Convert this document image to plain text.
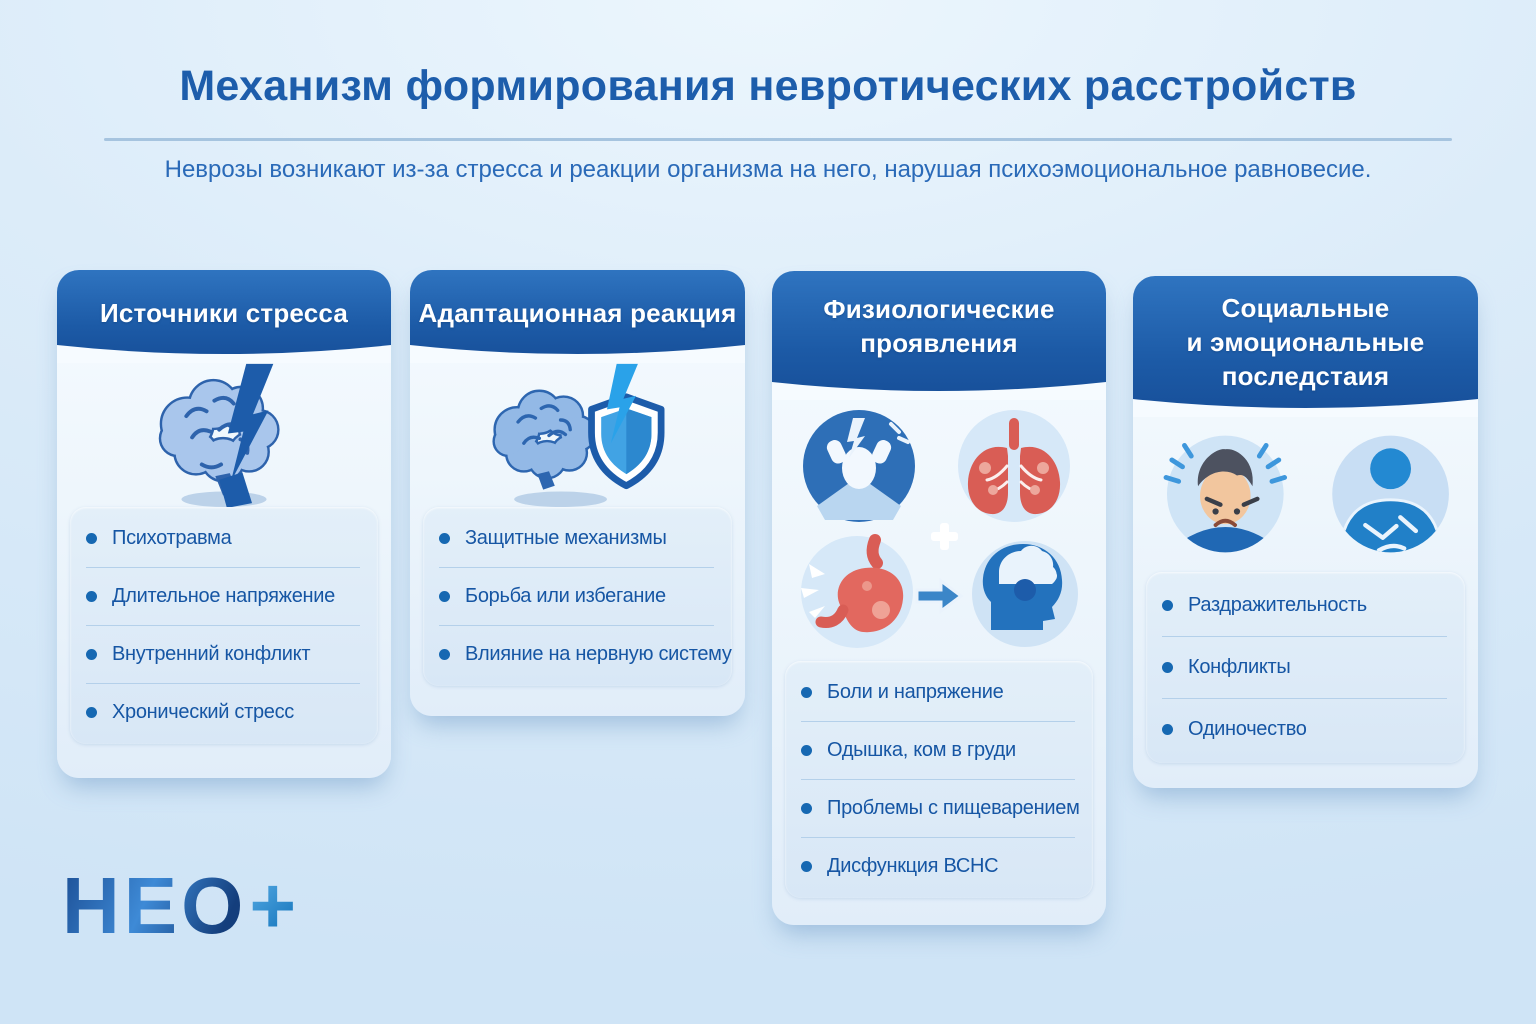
Механизм формирования невротических расстройств

Неврозы возникают из-за стресса и реакции организма на него, нарушая психоэмоциональное равновесие.

Источники стресса
Психотравма
Длительное напряжение
Внутренний конфликт
Хронический стресс
Адаптационная реакция
Защитные механизмы
Борьба или избегание
Влияние на нервную систему
Физиологические
проявления
Боли и напряжение
Одышка, ком в груди
Проблемы с пищеварением
Дисфункция ВСНС
Социальные
и эмоциональные
последстаия
Раздражительность
Конфликты
Одиночество
НЕО+
